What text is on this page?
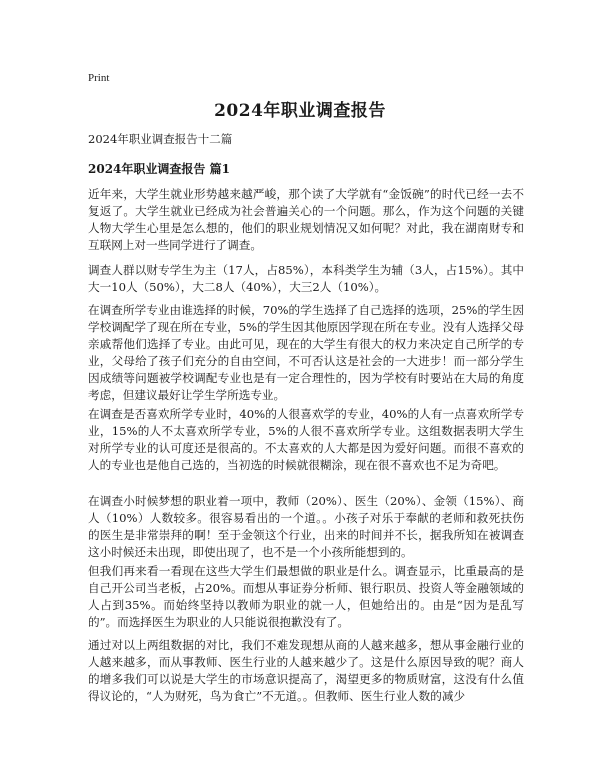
Print
2024年职业调查报告
2024年职业调查报告十二篇
2024年职业调查报告 篇1

近年来，大学生就业形势越来越严峻，那个读了大学就有“金饭碗”的时代已经一去不复返了。大学生就业已经成为社会普遍关心的一个问题。那么，作为这个问题的关键人物大学生心里是怎么想的，他们的职业规划情况又如何呢？对此，我在湖南财专和互联网上对一些同学进行了调查。

调查人群以财专学生为主（17人，占85%），本科类学生为辅（3人，占15%）。其中大一10人（50%），大二8人（40%），大三2人（10%）。

在调查所学专业由谁选择的时候，70%的学生选择了自己选择的选项，25%的学生因学校调配学了现在所在专业，5%的学生因其他原因学现在所在专业。没有人选择父母亲戚帮他们选择了专业。由此可见，现在的大学生有很大的权力来决定自己所学的专业，父母给了孩子们充分的自由空间，不可否认这是社会的一大进步！而一部分学生因成绩等问题被学校调配专业也是有一定合理性的，因为学校有时要站在大局的角度考虑，但建议最好让学生学所选专业。

在调查是否喜欢所学专业时，40%的人很喜欢学的专业，40%的人有一点喜欢所学专业，15%的人不太喜欢所学专业，5%的人很不喜欢所学专业。这组数据表明大学生对所学专业的认可度还是很高的。不太喜欢的人大都是因为爱好问题。而很不喜欢的人的专业也是他自己选的，当初选的时候就很糊涂，现在很不喜欢也不足为奇吧。

在调查小时候梦想的职业着一项中，教师（20%）、医生（20%）、金领（15%）、商人（10%）人数较多。很容易看出的一个道。。小孩子对乐于奉献的老师和救死扶伤的医生是非常崇拜的啊！至于金领这个行业，出来的时间并不长，据我所知在被调查这小时候还未出现，即使出现了，也不是一个小孩所能想到的。

但我们再来看一看现在这些大学生们最想做的职业是什么。调查显示，比重最高的是自己开公司当老板，占20%。而想从事证券分析师、银行职员、投资人等金融领域的人占到35%。而始终坚持以教师为职业的就一人，但她给出的。由是“因为是乱写的”。而选择医生为职业的人只能说很抱歉没有了。

通过对以上两组数据的对比，我们不难发现想从商的人越来越多，想从事金融行业的人越来越多，而从事教师、医生行业的人越来越少了。这是什么原因导致的呢？商人的增多我们可以说是大学生的市场意识提高了，渴望更多的物质财富，这没有什么值得议论的，“人为财死，鸟为食亡”不无道。。但教师、医生行业人数的减少
